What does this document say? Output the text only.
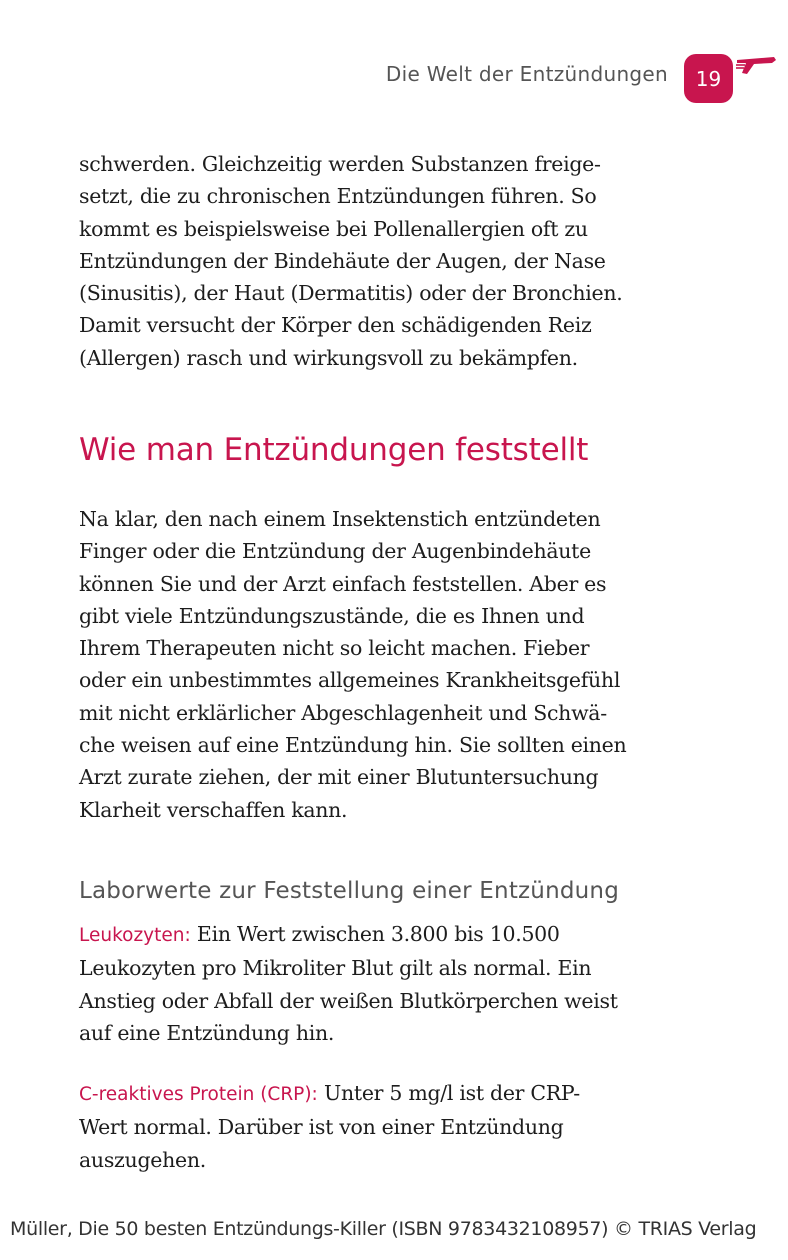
Die Welt der Entzündungen	19

schwerden. Gleichzeitig werden Substanzen freige-
setzt, die zu chronischen Entzündungen führen. So
kommt es beispielsweise bei Pollenallergien oft zu
Entzündungen der Bindehäute der Augen, der Nase
(Sinusitis), der Haut (Dermatitis) oder der Bronchien.
Damit versucht der Körper den schädigenden Reiz
(Allergen) rasch und wirkungsvoll zu bekämpfen.

Wie man Entzündungen feststellt

Na klar, den nach einem Insektenstich entzündeten
Finger oder die Entzündung der Augenbindehäute
können Sie und der Arzt einfach feststellen. Aber es
gibt viele Entzündungszustände, die es Ihnen und
Ihrem Therapeuten nicht so leicht machen. Fieber
oder ein unbestimmtes allgemeines Krankheitsgefühl
mit nicht erklärlicher Abgeschlagenheit und Schwä-
che weisen auf eine Entzündung hin. Sie sollten einen
Arzt zurate ziehen, der mit einer Blutuntersuchung
Klarheit verschaffen kann.

Laborwerte zur Feststellung einer Entzündung

Leukozyten: Ein Wert zwischen 3.800 bis 10.500
Leukozyten pro Mikroliter Blut gilt als normal. Ein
Anstieg oder Abfall der weißen Blutkörperchen weist
auf eine Entzündung hin.

C-reaktives Protein (CRP): Unter 5 mg/l ist der CRP-
Wert normal. Darüber ist von einer Entzündung
auszugehen.

Müller, Die 50 besten Entzündungs-Killer (ISBN 9783432108957) © TRIAS Verlag
